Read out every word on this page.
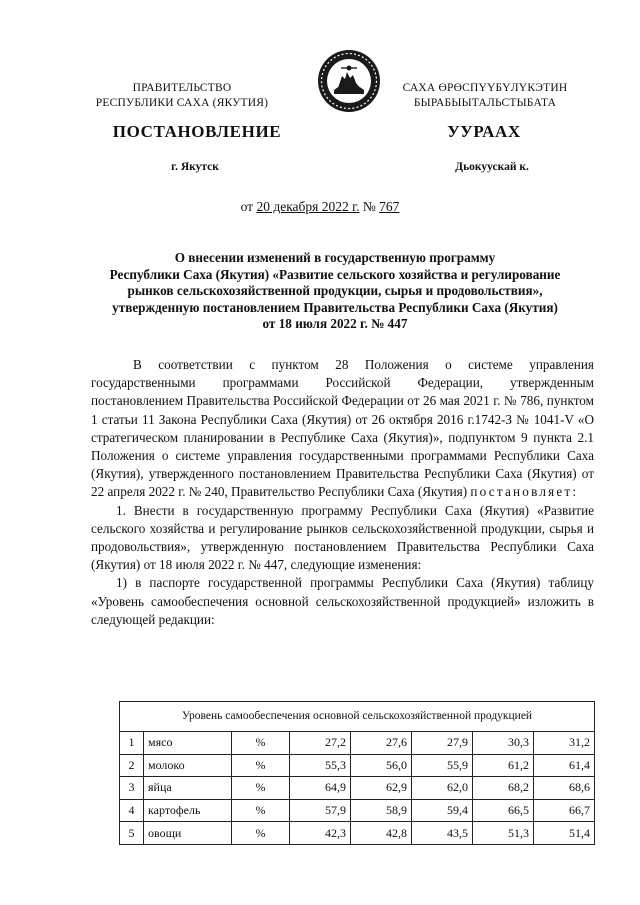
ПРАВИТЕЛЬСТВО
РЕСПУБЛИКИ САХА (ЯКУТИЯ)
САХА ӨРӨСПҮҮБҮЛҮКЭТИН
БЫРАБЫЫТАЛЬСТЫБАТА
ПОСТАНОВЛЕНИЕ	УУРААХ
г. Якутск	Дьокуускай к.
от 20 декабря 2022 г. № 767
О внесении изменений в государственную программу
Республики Саха (Якутия) «Развитие сельского хозяйства и регулирование
рынков сельскохозяйственной продукции, сырья и продовольствия»,
утвержденную постановлением Правительства Республики Саха (Якутия)
от 18 июля 2022 г. № 447

В соответствии с пунктом 28 Положения о системе управления государственными программами Российской Федерации, утвержденным постановлением Правительства Российской Федерации от 26 мая 2021 г. № 786, пунктом 1 статьи 11 Закона Республики Саха (Якутия) от 26 октября 2016 г.1742-З № 1041-V «О стратегическом планировании в Республике Саха (Якутия)», подпунктом 9 пункта 2.1 Положения о системе управления государственными программами Республики Саха (Якутия), утвержденного постановлением Правительства Республики Саха (Якутия) от 22 апреля 2022 г. № 240, Правительство Республики Саха (Якутия) постановляет:

1. Внести в государственную программу Республики Саха (Якутия) «Развитие сельского хозяйства и регулирование рынков сельскохозяйственной продукции, сырья и продовольствия», утвержденную постановлением Правительства Республики Саха (Якутия) от 18 июля 2022 г. № 447, следующие изменения:

1) в паспорте государственной программы Республики Саха (Якутия) таблицу «Уровень самообеспечения основной сельскохозяйственной продукцией» изложить в следующей редакции:

Уровень самообеспечения основной сельскохозяйственной продукцией							
1	мясо	%	27,2	27,6	27,9	30,3	31,2
2	молоко	%	55,3	56,0	55,9	61,2	61,4
3	яйца	%	64,9	62,9	62,0	68,2	68,6
4	картофель	%	57,9	58,9	59,4	66,5	66,7
5	овощи	%	42,3	42,8	43,5	51,3	51,4
